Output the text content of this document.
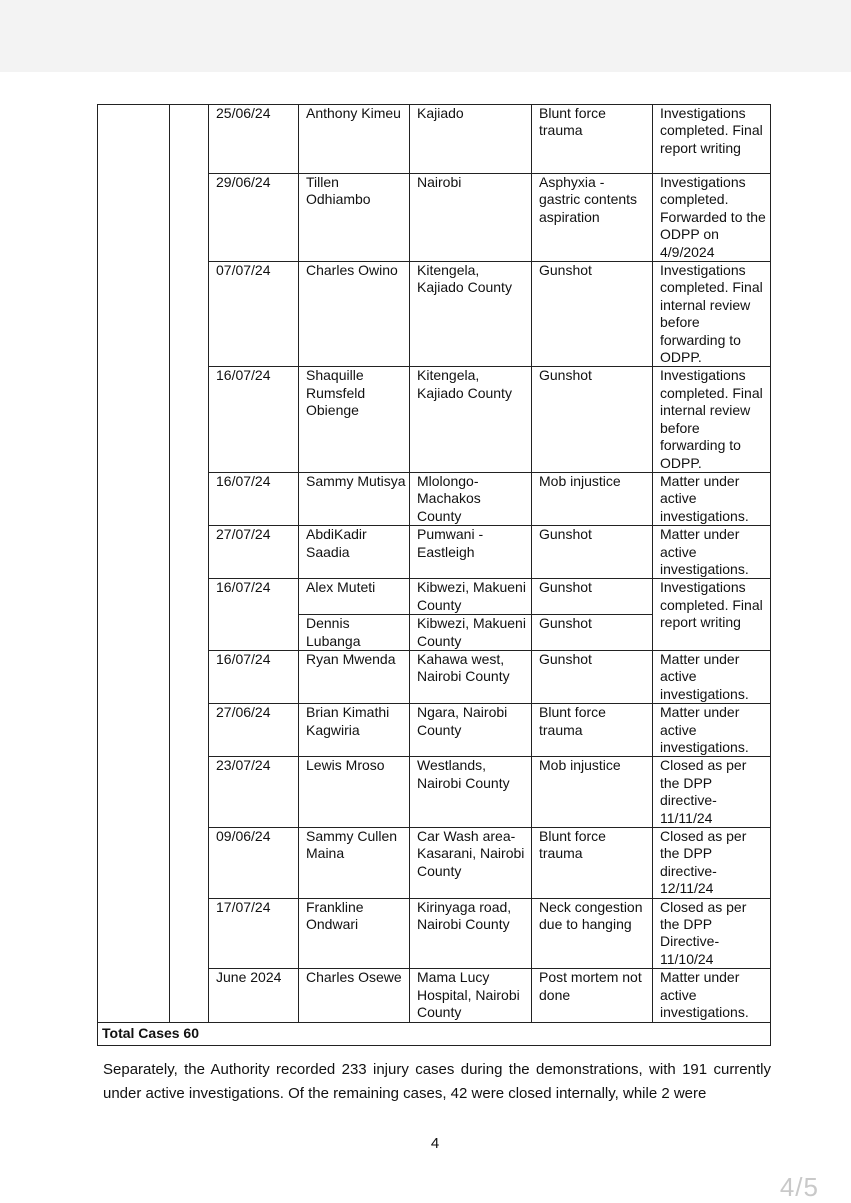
		25/06/24	Anthony Kimeu	Kajiado	Blunt force trauma	Investigations completed. Final report writing
		29/06/24	Tillen Odhiambo	Nairobi	Asphyxia - gastric contents aspiration	Investigations completed. Forwarded to the ODPP on 4/9/2024
		07/07/24	Charles Owino	Kitengela, Kajiado County	Gunshot	Investigations completed. Final internal review before forwarding to ODPP.
		16/07/24	Shaquille Rumsfeld Obienge	Kitengela, Kajiado County	Gunshot	Investigations completed. Final internal review before forwarding to ODPP.
		16/07/24	Sammy Mutisya	Mlolongo-Machakos County	Mob injustice	Matter under active investigations.
		27/07/24	AbdiKadir Saadia	Pumwani - Eastleigh	Gunshot	Matter under active investigations.
		16/07/24	Alex Muteti	Kibwezi, Makueni County	Gunshot	Investigations completed. Final report writing
			Dennis Lubanga	Kibwezi, Makueni County	Gunshot	
		16/07/24	Ryan Mwenda	Kahawa west, Nairobi County	Gunshot	Matter under active investigations.
		27/06/24	Brian Kimathi Kagwiria	Ngara, Nairobi County	Blunt force trauma	Matter under active investigations.
		23/07/24	Lewis Mroso	Westlands, Nairobi County	Mob injustice	Closed as per the DPP directive-11/11/24
		09/06/24	Sammy Cullen Maina	Car Wash area-Kasarani, Nairobi County	Blunt force trauma	Closed as per the DPP directive-12/11/24
		17/07/24	Frankline Ondwari	Kirinyaga road, Nairobi County	Neck congestion due to hanging	Closed as per the DPP Directive-11/10/24
		June 2024	Charles Osewe	Mama Lucy Hospital, Nairobi County	Post mortem not done	Matter under active investigations.
Total Cases 60						

Separately, the Authority recorded 233 injury cases during the demonstrations, with 191 currently under active investigations. Of the remaining cases, 42 were closed internally, while 2 were

4
4/5
